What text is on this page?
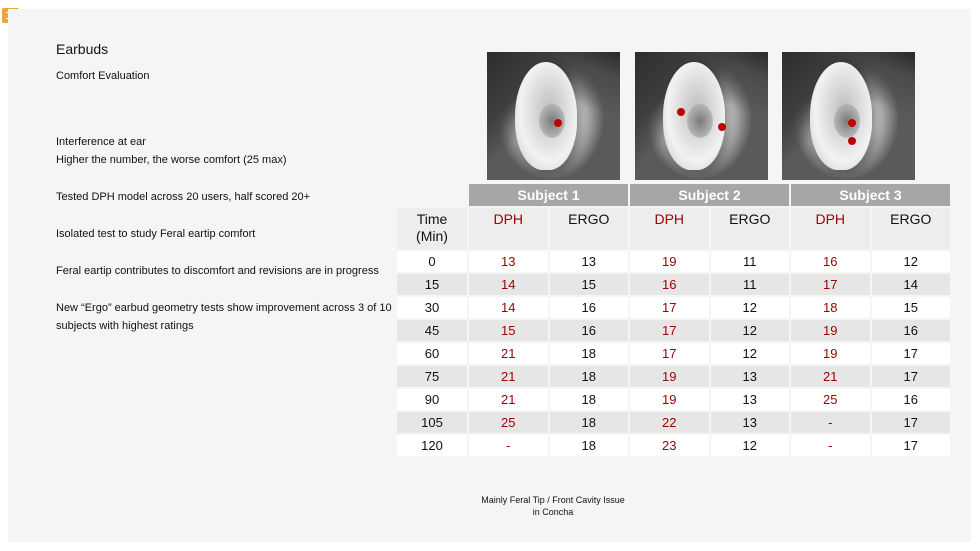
Earbuds
Comfort Evaluation

Interference at ear
Higher the number, the worse comfort (25 max)

Tested DPH model across 20 users, half scored 20+

Isolated test to study Feral eartip comfort

Feral eartip contributes to discomfort and revisions are in progress

New “Ergo” earbud geometry tests show improvement across 3 of 10 subjects with highest ratings

Mainly Feral Tip / Front Cavity Issue in Concha
	Subject 1		Subject 2		Subject 3	
Time
(Min)	DPH	ERGO	DPH	ERGO	DPH	ERGO
0	13	13	19	11	16	12
15	14	15	16	11	17	14
30	14	16	17	12	18	15
45	15	16	17	12	19	16
60	21	18	17	12	19	17
75	21	18	19	13	21	17
90	21	18	19	13	25	16
105	25	18	22	13	-	17
120	-	18	23	12	-	17
